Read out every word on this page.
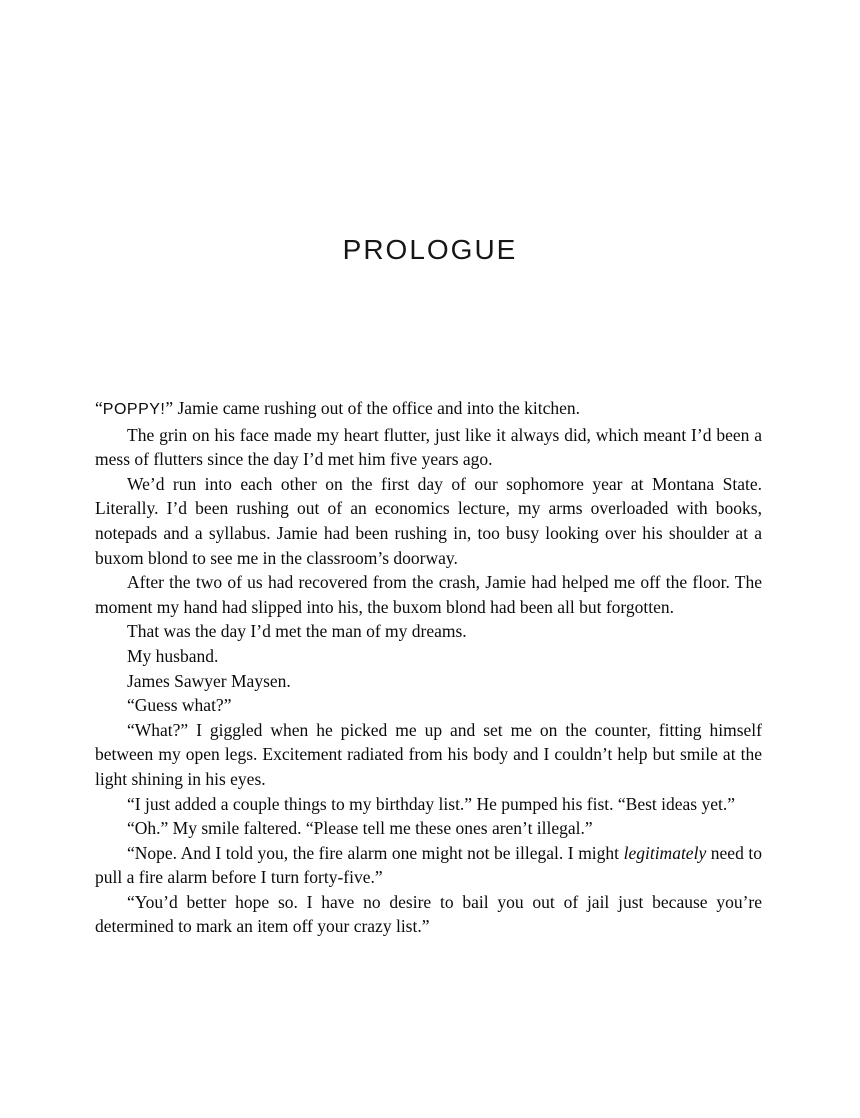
PROLOGUE

“POPPY!” Jamie came rushing out of the office and into the kitchen.

The grin on his face made my heart flutter, just like it always did, which meant I’d been a mess of flutters since the day I’d met him five years ago.

We’d run into each other on the first day of our sophomore year at Montana State. Literally. I’d been rushing out of an economics lecture, my arms overloaded with books, notepads and a syllabus. Jamie had been rushing in, too busy looking over his shoulder at a buxom blond to see me in the classroom’s doorway.

After the two of us had recovered from the crash, Jamie had helped me off the floor. The moment my hand had slipped into his, the buxom blond had been all but forgotten.

That was the day I’d met the man of my dreams.

My husband.

James Sawyer Maysen.

“Guess what?”

“What?” I giggled when he picked me up and set me on the counter, fitting himself between my open legs. Excitement radiated from his body and I couldn’t help but smile at the light shining in his eyes.

“I just added a couple things to my birthday list.” He pumped his fist. “Best ideas yet.”

“Oh.” My smile faltered. “Please tell me these ones aren’t illegal.”

“Nope. And I told you, the fire alarm one might not be illegal. I might legitimately need to pull a fire alarm before I turn forty-five.”

“You’d better hope so. I have no desire to bail you out of jail just because you’re determined to mark an item off your crazy list.”
